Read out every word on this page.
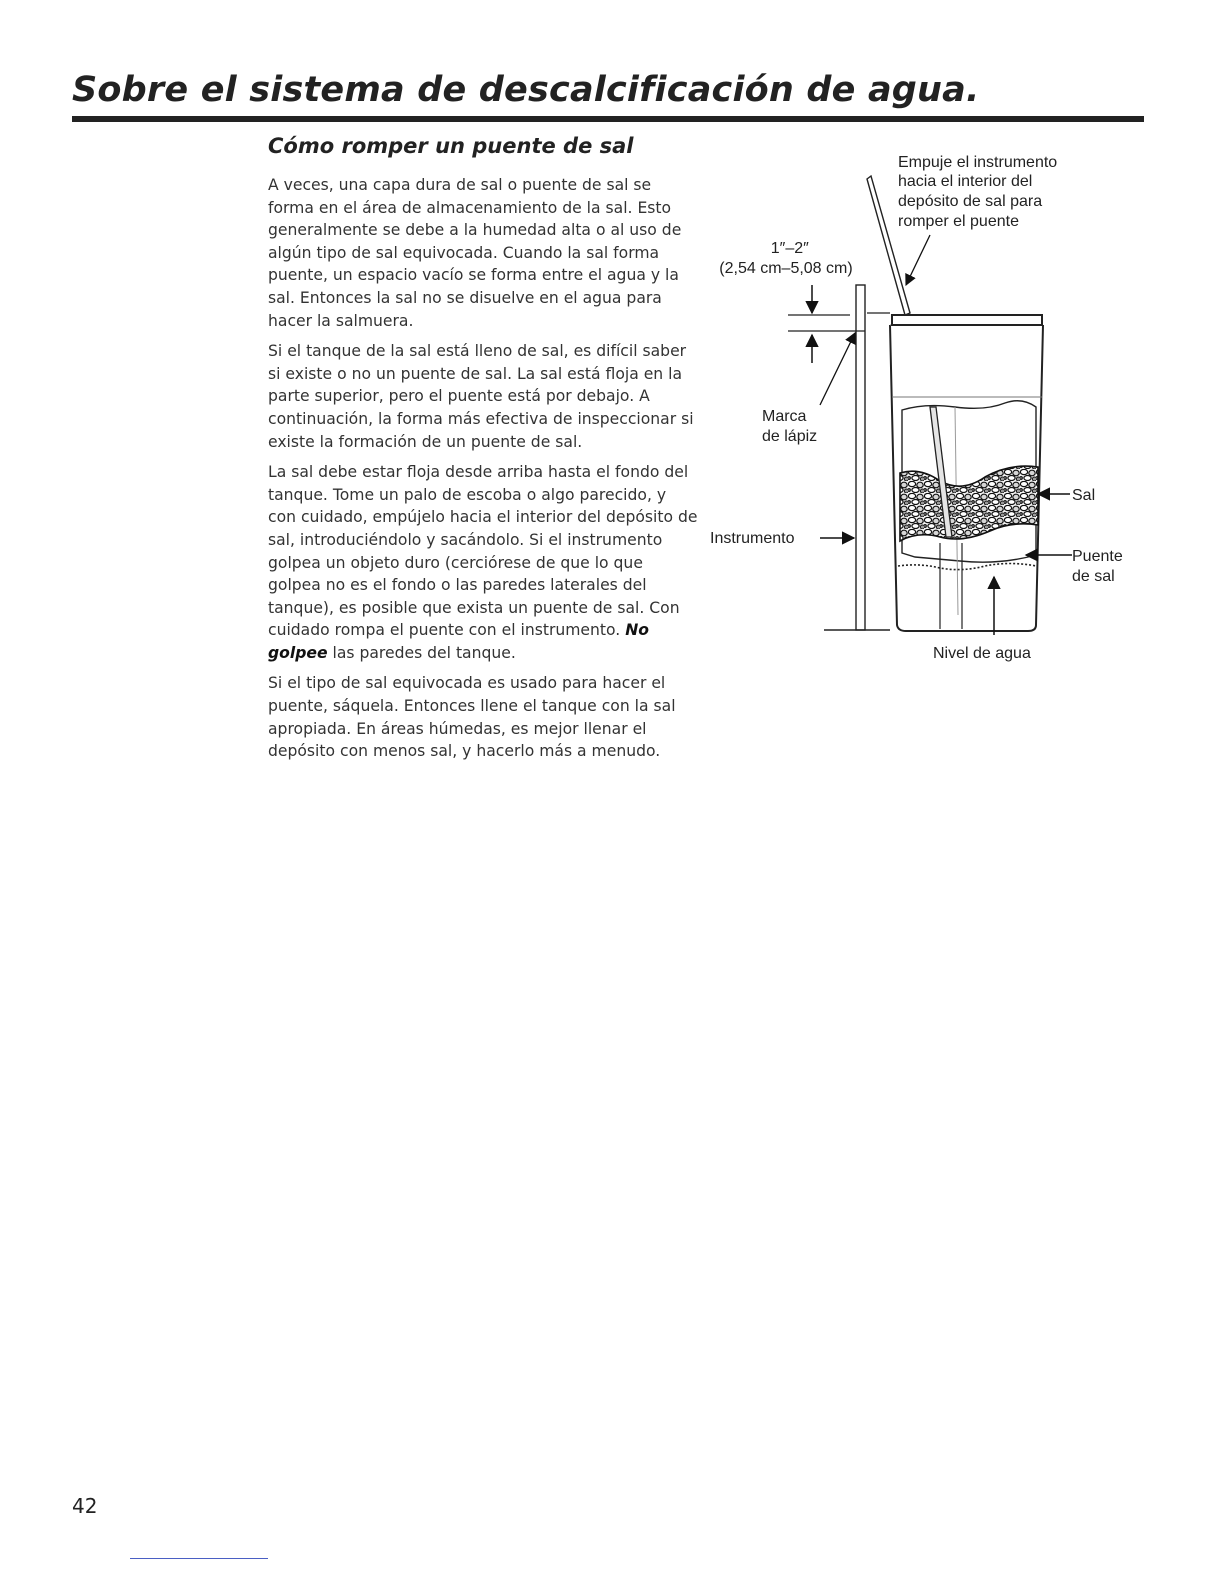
Sobre el sistema de descalcificación de agua.
Cómo romper un puente de sal

A veces, una capa dura de sal o puente de sal se forma en el área de almacenamiento de la sal. Esto generalmente se debe a la humedad alta o al uso de algún tipo de sal equivocada. Cuando la sal forma puente, un espacio vacío se forma entre el agua y la sal. Entonces la sal no se disuelve en el agua para hacer la salmuera.

Si el tanque de la sal está lleno de sal, es difícil saber si existe o no un puente de sal. La sal está floja en la parte superior, pero el puente está por debajo. A continuación, la forma más efectiva de inspeccionar si existe la formación de un puente de sal.

La sal debe estar floja desde arriba hasta el fondo del tanque. Tome un palo de escoba o algo parecido, y con cuidado, empújelo hacia el interior del depósito de sal, introduciéndolo y sacándolo. Si el instrumento golpea un objeto duro (cerciórese de que lo que golpea no es el fondo o las paredes laterales del tanque), es posible que exista un puente de sal. Con cuidado rompa el puente con el instrumento. No golpee las paredes del tanque.

Si el tipo de sal equivocada es usado para hacer el puente, sáquela. Entonces llene el tanque con la sal apropiada. En áreas húmedas, es mejor llenar el depósito con menos sal, y hacerlo más a menudo.

Empuje el instrumento hacia el interior del depósito de sal para romper el puente
1″–2″ (2,54 cm–5,08 cm)
Marca de lápiz
Instrumento
Sal
Puente de sal
Nivel de agua
42
